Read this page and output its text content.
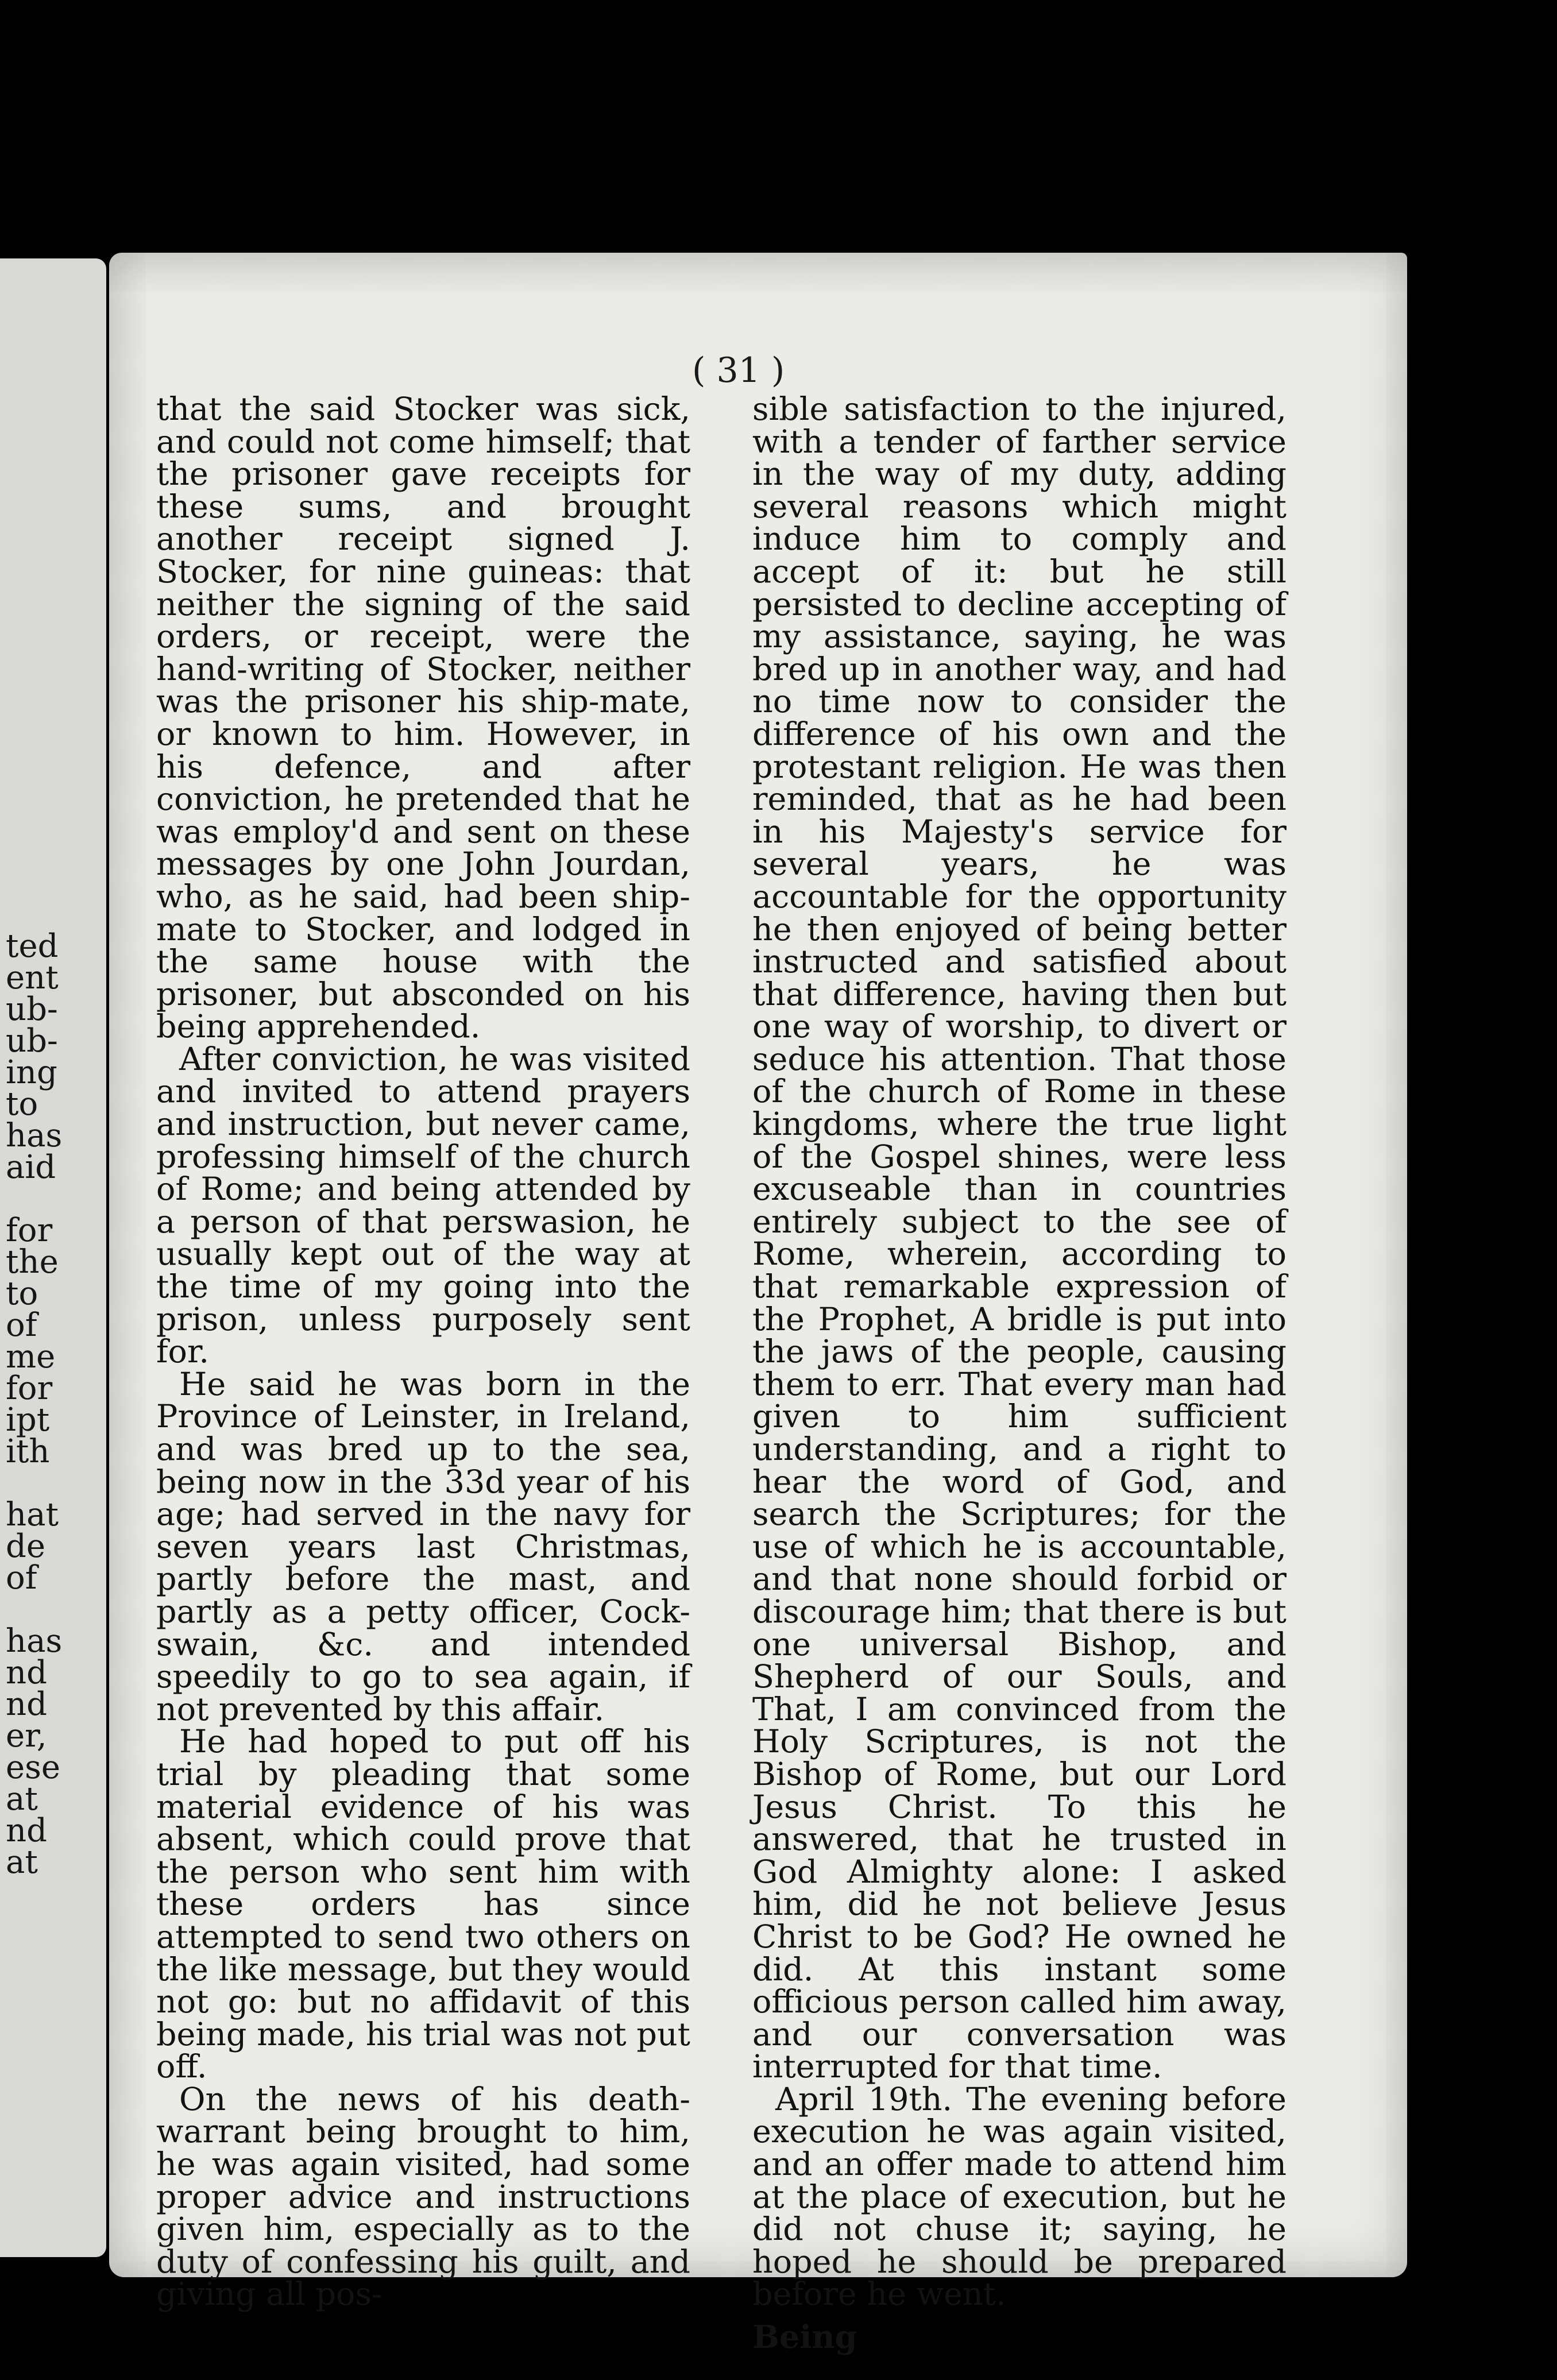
ted
ent
ub-
ub-
ing
to
has
aid
for
the
to
of
me
for
ipt
ith
hat
de
of
has
nd
nd
er,
ese
at
nd
at
( 31 )

that the said Stocker was sick, and could not come himself; that the prisoner gave receipts for these sums, and brought another receipt signed J. Stocker, for nine guineas: that neither the signing of the said orders, or receipt, were the hand-writing of Stocker, neither was the prisoner his ship-mate, or known to him. However, in his defence, and after conviction, he pretended that he was employ'd and sent on these messages by one John Jourdan, who, as he said, had been ship-mate to Stocker, and lodged in the same house with the prisoner, but absconded on his being apprehended.

After conviction, he was visited and invited to attend prayers and instruction, but never came, professing himself of the church of Rome; and being attended by a person of that perswasion, he usually kept out of the way at the time of my going into the prison, unless purposely sent for.

He said he was born in the Province of Leinster, in Ireland, and was bred up to the sea, being now in the 33d year of his age; had served in the navy for seven years last Christmas, partly before the mast, and partly as a petty officer, Cock-swain, &c. and intended speedily to go to sea again, if not prevented by this affair.

He had hoped to put off his trial by pleading that some material evidence of his was absent, which could prove that the person who sent him with these orders has since attempted to send two others on the like message, but they would not go: but no affidavit of this being made, his trial was not put off.

On the news of his death-warrant being brought to him, he was again visited, had some proper advice and instructions given him, especially as to the duty of confessing his guilt, and giving all pos-

sible satisfaction to the injured, with a tender of farther service in the way of my duty, adding several reasons which might induce him to comply and accept of it: but he still persisted to decline accepting of my assistance, saying, he was bred up in another way, and had no time now to consider the difference of his own and the protestant religion. He was then reminded, that as he had been in his Majesty's service for several years, he was accountable for the opportunity he then enjoyed of being better instructed and satisfied about that difference, having then but one way of worship, to divert or seduce his attention. That those of the church of Rome in these kingdoms, where the true light of the Gospel shines, were less excuseable than in countries entirely subject to the see of Rome, wherein, according to that remarkable expression of the Prophet, A bridle is put into the jaws of the people, causing them to err. That every man had given to him sufficient understanding, and a right to hear the word of God, and search the Scriptures; for the use of which he is accountable, and that none should forbid or discourage him; that there is but one universal Bishop, and Shepherd of our Souls, and That, I am convinced from the Holy Scriptures, is not the Bishop of Rome, but our Lord Jesus Christ. To this he answered, that he trusted in God Almighty alone: I asked him, did he not believe Jesus Christ to be God? He owned he did. At this instant some officious person called him away, and our conversation was interrupted for that time.

April 19th. The evening before execution he was again visited, and an offer made to attend him at the place of execution, but he did not chuse it; saying, he hoped he should be prepared before he went.

Being
